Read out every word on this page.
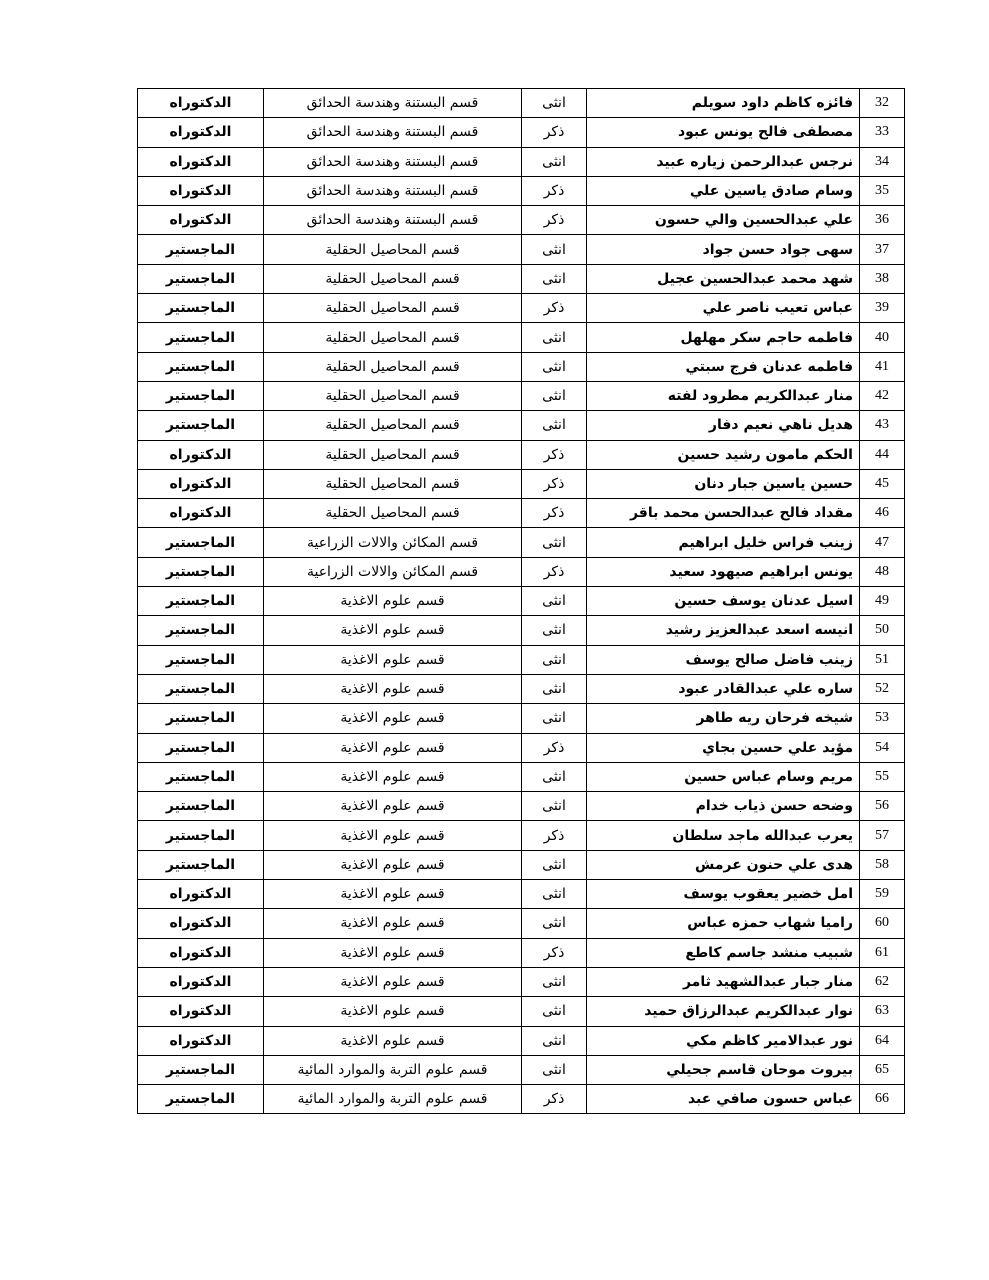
32	فائزه كاظم داود سويلم	انثى	قسم البستنة وهندسة الحدائق	الدكتوراه
33	مصطفى فالح يونس عبود	ذكر	قسم البستنة وهندسة الحدائق	الدكتوراه
34	نرجس عبدالرحمن زياره عبيد	انثى	قسم البستنة وهندسة الحدائق	الدكتوراه
35	وسام صادق ياسين علي	ذكر	قسم البستنة وهندسة الحدائق	الدكتوراه
36	علي عبدالحسين والي حسون	ذكر	قسم البستنة وهندسة الحدائق	الدكتوراه
37	سهى جواد حسن جواد	انثى	قسم المحاصيل الحقلية	الماجستير
38	شهد محمد عبدالحسين عجيل	انثى	قسم المحاصيل الحقلية	الماجستير
39	عباس تعيب ناصر علي	ذكر	قسم المحاصيل الحقلية	الماجستير
40	فاطمه حاجم سكر مهلهل	انثى	قسم المحاصيل الحقلية	الماجستير
41	فاطمه عدنان فرج سبتي	انثى	قسم المحاصيل الحقلية	الماجستير
42	منار عبدالكريم مطرود لفته	انثى	قسم المحاصيل الحقلية	الماجستير
43	هديل ناهي نعيم دفار	انثى	قسم المحاصيل الحقلية	الماجستير
44	الحكم مامون رشيد حسين	ذكر	قسم المحاصيل الحقلية	الدكتوراه
45	حسين ياسين جبار دنان	ذكر	قسم المحاصيل الحقلية	الدكتوراه
46	مقداد فالح عبدالحسن محمد باقر	ذكر	قسم المحاصيل الحقلية	الدكتوراه
47	زينب فراس خليل ابراهيم	انثى	قسم المكائن والالات الزراعية	الماجستير
48	يونس ابراهيم صيهود سعيد	ذكر	قسم المكائن والالات الزراعية	الماجستير
49	اسيل عدنان يوسف حسين	انثى	قسم علوم الاغذية	الماجستير
50	انيسه اسعد عبدالعزيز رشيد	انثى	قسم علوم الاغذية	الماجستير
51	زينب فاضل صالح يوسف	انثى	قسم علوم الاغذية	الماجستير
52	ساره علي عبدالقادر عبود	انثى	قسم علوم الاغذية	الماجستير
53	شيخه فرحان ريه طاهر	انثى	قسم علوم الاغذية	الماجستير
54	مؤيد علي حسين بجاي	ذكر	قسم علوم الاغذية	الماجستير
55	مريم وسام عباس حسين	انثى	قسم علوم الاغذية	الماجستير
56	وضحه حسن ذياب خدام	انثى	قسم علوم الاغذية	الماجستير
57	يعرب عبدالله ماجد سلطان	ذكر	قسم علوم الاغذية	الماجستير
58	هدى علي حنون عرمش	انثى	قسم علوم الاغذية	الماجستير
59	امل خضير يعقوب يوسف	انثى	قسم علوم الاغذية	الدكتوراه
60	راميا شهاب حمزه عباس	انثى	قسم علوم الاغذية	الدكتوراه
61	شبيب منشد جاسم كاطع	ذكر	قسم علوم الاغذية	الدكتوراه
62	منار جبار عبدالشهيد ثامر	انثى	قسم علوم الاغذية	الدكتوراه
63	نوار عبدالكريم عبدالرزاق حميد	انثى	قسم علوم الاغذية	الدكتوراه
64	نور عبدالامير كاظم مكي	انثى	قسم علوم الاغذية	الدكتوراه
65	بيروت موحان قاسم جحيلي	انثى	قسم علوم التربة والموارد المائية	الماجستير
66	عباس حسون صافي عبد	ذكر	قسم علوم التربة والموارد المائية	الماجستير
